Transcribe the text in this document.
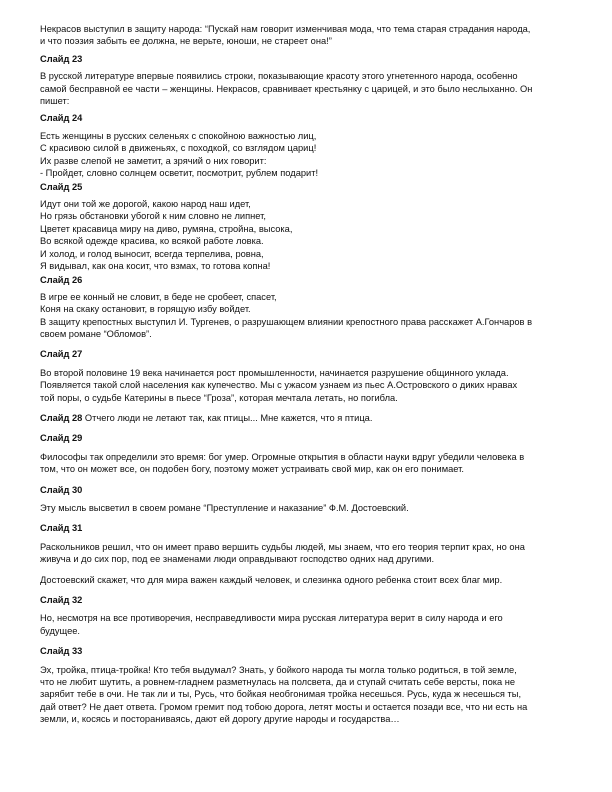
Некрасов выступил в защиту народа: “Пускай нам говорит изменчивая мода, что тема старая страдания народа,
и что поэзия забыть ее должна, не верьте, юноши, не стареет она!”

Слайд 23

В русской литературе впервые появились строки, показывающие красоту этого угнетенного народа, особенно
самой бесправной ее части – женщины. Некрасов, сравнивает крестьянку с царицей, и это было неслыханно. Он
пишет:

Слайд 24

Есть женщины в русских селеньях с спокойною важностью лиц,
С красивою силой в движеньях, с походкой, со взглядом цариц!
Их разве слепой не заметит, а зрячий о них говорит:
- Пройдет, словно солнцем осветит, посмотрит, рублем подарит!

Слайд 25

Идут они той же дорогой, какою народ наш идет,
Но грязь обстановки убогой к ним словно не липнет,
Цветет красавица миру на диво, румяна, стройна, высока,
Во всякой одежде красива, ко всякой работе ловка.
И холод, и голод выносит, всегда терпелива, ровна,
Я видывал, как она косит, что взмах, то готова копна!

Слайд 26

В игре ее конный не словит, в беде не сробеет, спасет,
Коня на скаку остановит, в горящую избу войдет.
В защиту крепостных выступил И. Тургенев, о разрушающем влиянии крепостного права расскажет А.Гончаров в
своем романе “Обломов”.

Слайд 27

Во второй половине 19 века начинается рост промышленности, начинается разрушение общинного уклада.
Появляется такой слой населения как купечество. Мы с ужасом узнаем из пьес А.Островского о диких нравах
той поры, о судьбе Катерины в пьесе “Гроза”, которая мечтала летать, но погибла.

Слайд 28 Отчего люди не летают так, как птицы... Мне кажется, что я птица.

Слайд 29

Философы так определили это время: бог умер. Огромные открытия в области науки вдруг убедили человека в
том, что он может все, он подобен богу, поэтому может устраивать свой мир, как он его понимает.

Слайд 30

Эту мысль высветил в своем романе “Преступление и наказание” Ф.М. Достоевский.

Слайд 31

Раскольников решил, что он имеет право вершить судьбы людей, мы знаем, что его теория терпит крах, но она
живуча и до сих пор, под ее знаменами люди оправдывают господство одних над другими.

Достоевский скажет, что для мира важен каждый человек, и слезинка одного ребенка стоит всех благ мир.

Слайд 32

Но, несмотря на все противоречия, несправедливости мира русская литература верит в силу народа и его
будущее.

Слайд 33

Эх, тройка, птица-тройка! Кто тебя выдумал? Знать, у бойкого народа ты могла только родиться, в той земле,
что не любит шутить, а ровнем-гладнем разметнулась на полсвета, да и ступай считать себе версты, пока не
зарябит тебе в очи. Не так ли и ты, Русь, что бойкая необгонимая тройка несешься. Русь, куда ж несешься ты,
дай ответ? Не дает ответа. Громом гремит под тобою дорога, летят мосты и остается позади все, что ни есть на
земли, и, косясь и постораниваясь, дают ей дорогу другие народы и государства…
